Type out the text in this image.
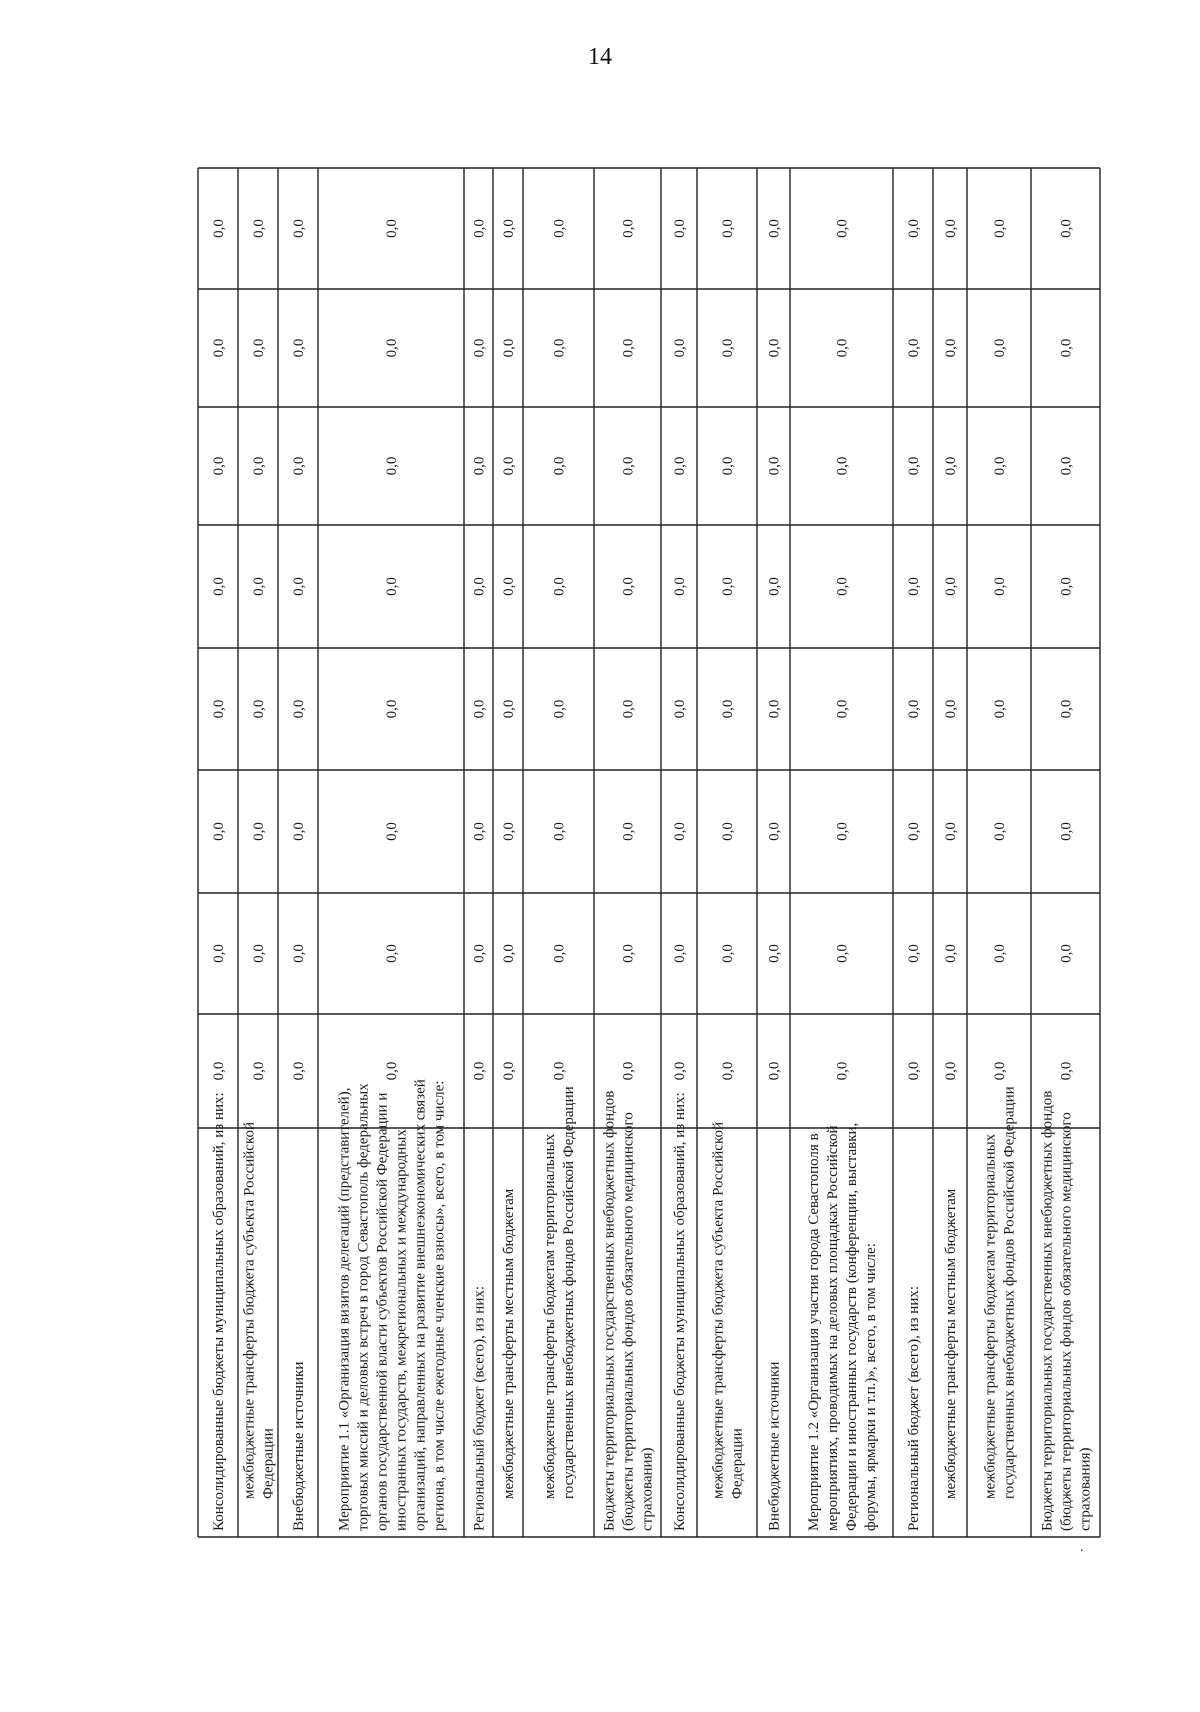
14
Консолидированные бюджеты муниципальных образований, из них:
0,0
0,0
0,0
0,0
0,0
0,0
0,0
0,0
межбюджетные трансферты бюджета субъекта Российской Федерации
0,0
0,0
0,0
0,0
0,0
0,0
0,0
0,0
Внебюджетные источники
0,0
0,0
0,0
0,0
0,0
0,0
0,0
0,0
Мероприятие 1.1 «Организация визитов делегаций (представителей), торговых миссий и деловых встреч в город Севастополь федеральных органов государственной власти субъектов Российской Федерации и иностранных государств, межрегиональных и международных организаций, направленных на развитие внешнеэкономических связей региона, в том числе ежегодные членские взносы», всего, в том числе:
0,0
0,0
0,0
0,0
0,0
0,0
0,0
0,0
Региональный бюджет (всего), из них:
0,0
0,0
0,0
0,0
0,0
0,0
0,0
0,0
межбюджетные трансферты местным бюджетам
0,0
0,0
0,0
0,0
0,0
0,0
0,0
0,0
межбюджетные трансферты бюджетам территориальных государственных внебюджетных фондов Российской Федерации
0,0
0,0
0,0
0,0
0,0
0,0
0,0
0,0
Бюджеты территориальных государственных внебюджетных фондов (бюджеты территориальных фондов обязательного медицинского страхования)
0,0
0,0
0,0
0,0
0,0
0,0
0,0
0,0
Консолидированные бюджеты муниципальных образований, из них:
0,0
0,0
0,0
0,0
0,0
0,0
0,0
0,0
межбюджетные трансферты бюджета субъекта Российской Федерации
0,0
0,0
0,0
0,0
0,0
0,0
0,0
0,0
Внебюджетные источники
0,0
0,0
0,0
0,0
0,0
0,0
0,0
0,0
Мероприятие 1.2 «Организация участия города Севастополя в мероприятиях, проводимых на деловых площадках Российской Федерации и иностранных государств (конференции, выставки, форумы, ярмарки и т.п.)», всего, в том числе:
0,0
0,0
0,0
0,0
0,0
0,0
0,0
0,0
Региональный бюджет (всего), из них:
0,0
0,0
0,0
0,0
0,0
0,0
0,0
0,0
межбюджетные трансферты местным бюджетам
0,0
0,0
0,0
0,0
0,0
0,0
0,0
0,0
межбюджетные трансферты бюджетам территориальных государственных внебюджетных фондов Российской Федерации
0,0
0,0
0,0
0,0
0,0
0,0
0,0
0,0
Бюджеты территориальных государственных внебюджетных фондов (бюджеты территориальных фондов обязательного медицинского страхования)
0,0
0,0
0,0
0,0
0,0
0,0
0,0
0,0
˙
